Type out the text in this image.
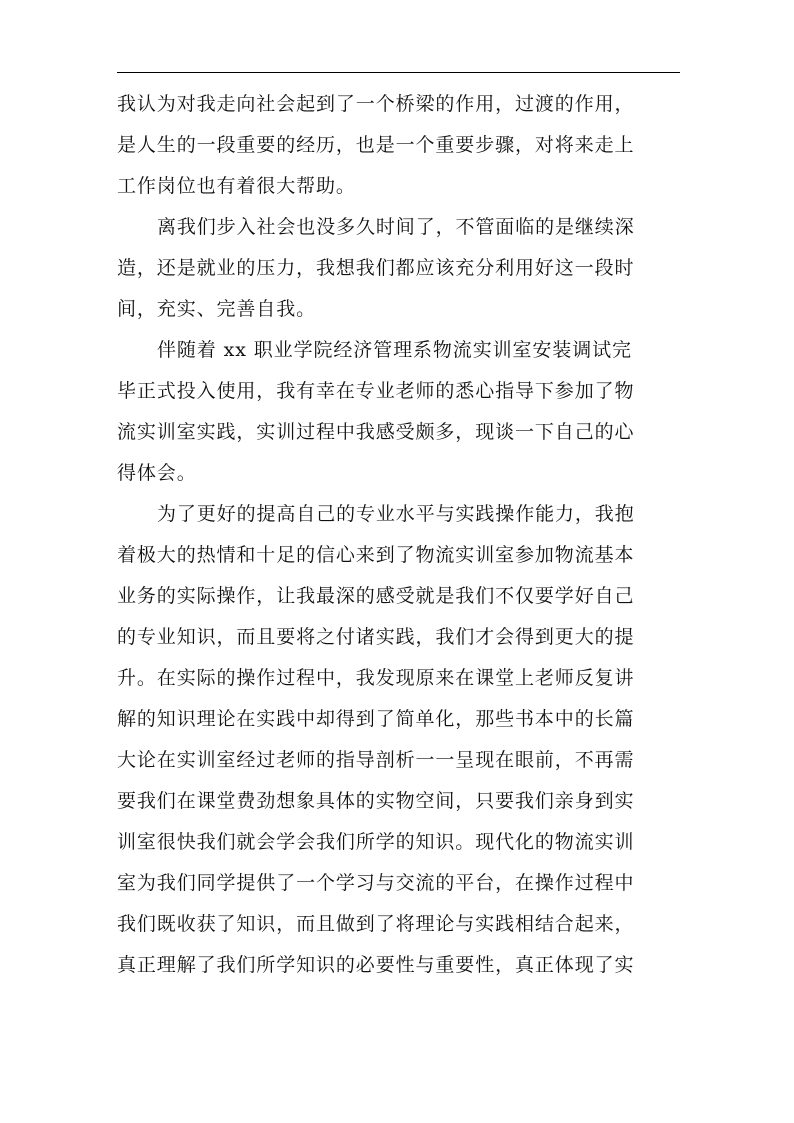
我认为对我走向社会起到了一个桥梁的作用，过渡的作用，
是人生的一段重要的经历，也是一个重要步骤，对将来走上
工作岗位也有着很大帮助。
离我们步入社会也没多久时间了，不管面临的是继续深
造，还是就业的压力，我想我们都应该充分利用好这一段时
间，充实、完善自我。
伴随着 xx 职业学院经济管理系物流实训室安装调试完
毕正式投入使用，我有幸在专业老师的悉心指导下参加了物
流实训室实践，实训过程中我感受颇多，现谈一下自己的心
得体会。
为了更好的提高自己的专业水平与实践操作能力，我抱
着极大的热情和十足的信心来到了物流实训室参加物流基本
业务的实际操作，让我最深的感受就是我们不仅要学好自己
的专业知识，而且要将之付诸实践，我们才会得到更大的提
升。在实际的操作过程中，我发现原来在课堂上老师反复讲
解的知识理论在实践中却得到了简单化，那些书本中的长篇
大论在实训室经过老师的指导剖析一一呈现在眼前，不再需
要我们在课堂费劲想象具体的实物空间，只要我们亲身到实
训室很快我们就会学会我们所学的知识。现代化的物流实训
室为我们同学提供了一个学习与交流的平台，在操作过程中
我们既收获了知识，而且做到了将理论与实践相结合起来，
真正理解了我们所学知识的必要性与重要性，真正体现了实
